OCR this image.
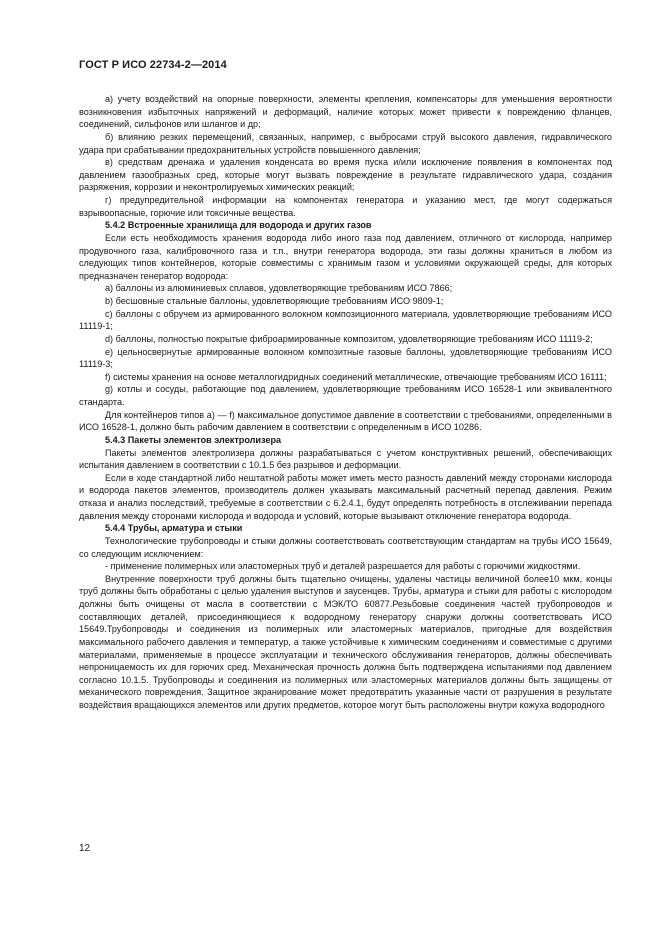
ГОСТ Р ИСО 22734-2—2014

а) учету воздействий на опорные поверхности, элементы крепления, компенсаторы для уменьшения вероятности возникновения избыточных напряжений и деформаций, наличие которых может привести к повреждению фланцев, соединений, сильфонов или шлангов и др;

б) влиянию резких перемещений, связанных, например, с выбросами струй высокого давления, гидравлического удара при срабатывании предохранительных устройств повышенного давления;

в) средствам дренажа и удаления конденсата во время пуска и/или исключение появления в компонентах под давлением газообразных сред, которые могут вызвать повреждение в результате гидравлического удара, создания разряжения, коррозии и неконтролируемых химических реакций;

г) предупредительной информации на компонентах генератора и указанию мест, где могут содержаться взрывоопасные, горючие или токсичные вещества.

5.4.2 Встроенные хранилища для водорода и других газов

Если есть необходимость хранения водорода либо иного газа под давлением, отличного от кислорода, например продувочного газа, калибровочного газа и т.п., внутри генератора водорода, эти газы должны храниться в любом из следующих типов контейнеров, которые совместимы с хранимым газом и условиями окружающей среды, для которых предназначен генератор водорода:

a) баллоны из алюминиевых сплавов, удовлетворяющие требованиям ИСО 7866;

b) бесшовные стальные баллоны, удовлетворяющие требованиям ИСО 9809-1;

c) баллоны с обручем из армированного волокном композиционного материала, удовлетворяющие требованиям ИСО 11119-1;

d) баллоны, полностью покрытые фиброармированные композитом, удовлетворяющие требованиям ИСО 11119-2;

e) цельносвернутые армированные волокном композитные газовые баллоны, удовлетворяющие требованиям ИСО 11119-3;

f) системы хранения на основе металлогидридных соединений металлические, отвечающие требованиям ИСО 16111;

g) котлы и сосуды, работающие под давлением, удовлетворяющие требованиям ИСО 16528-1 или эквивалентного стандарта.

Для контейнеров типов а) — f) максимальное допустимое давление в соответствии с требованиями, определенными в ИСО 16528-1, должно быть рабочим давлением в соответствии с определенным в ИСО 10286.

5.4.3 Пакеты элементов электролизера

Пакеты элементов электролизера должны разрабатываться с учетом конструктивных решений, обеспечивающих испытания давлением в соответствии с 10.1.5 без разрывов и деформации.

Если в ходе стандартной либо нештатной работы может иметь место разность давлений между сторонами кислорода и водорода пакетов элементов, производитель должен указывать максимальный расчетный перепад давления. Режим отказа и анализ последствий, требуемые в соответствии с 6.2.4.1, будут определять потребность в отслеживании перепада давления между сторонами кислорода и водорода и условий, которые вызывают отключение генератора водорода.

5.4.4 Трубы, арматура и стыки

Технологические трубопроводы и стыки должны соответствовать соответствующим стандартам на трубы ИСО 15649, со следующим исключением:

- применение полимерных или эластомерных труб и деталей разрешается для работы с горючими жидкостями.

Внутренние поверхности труб должны быть тщательно очищены, удалены частицы величиной более10 мкм, концы труб должны быть обработаны с целью удаления выступов и заусенцев. Трубы, арматура и стыки для работы с кислородом должны быть очищены от масла в соответствии с МЭК/ТО 60877.Резьбовые соединения частей трубопроводов и составляющих деталей, присоединяющиеся к водородному генератору снаружи должны соответствовать ИСО 15649.Трубопроводы и соединения из полимерных или эластомерных материалов, пригодные для воздействия максимального рабочего давления и температур, а также устойчивые к химическим соединениям и совместимые с другими материалами, применяемые в процессе эксплуатации и технического обслуживания генераторов, должны обеспечивать непроницаемость их для горючих сред. Механическая прочность должна быть подтверждена испытаниями под давлением согласно 10.1.5. Трубопроводы и соединения из полимерных или эластомерных материалов должны быть защищены от механического повреждения. Защитное экранирование может предотвратить указанные части от разрушения в результате воздействия вращающихся элементов или других предметов, которое могут быть расположены внутри кожуха водородного

12
